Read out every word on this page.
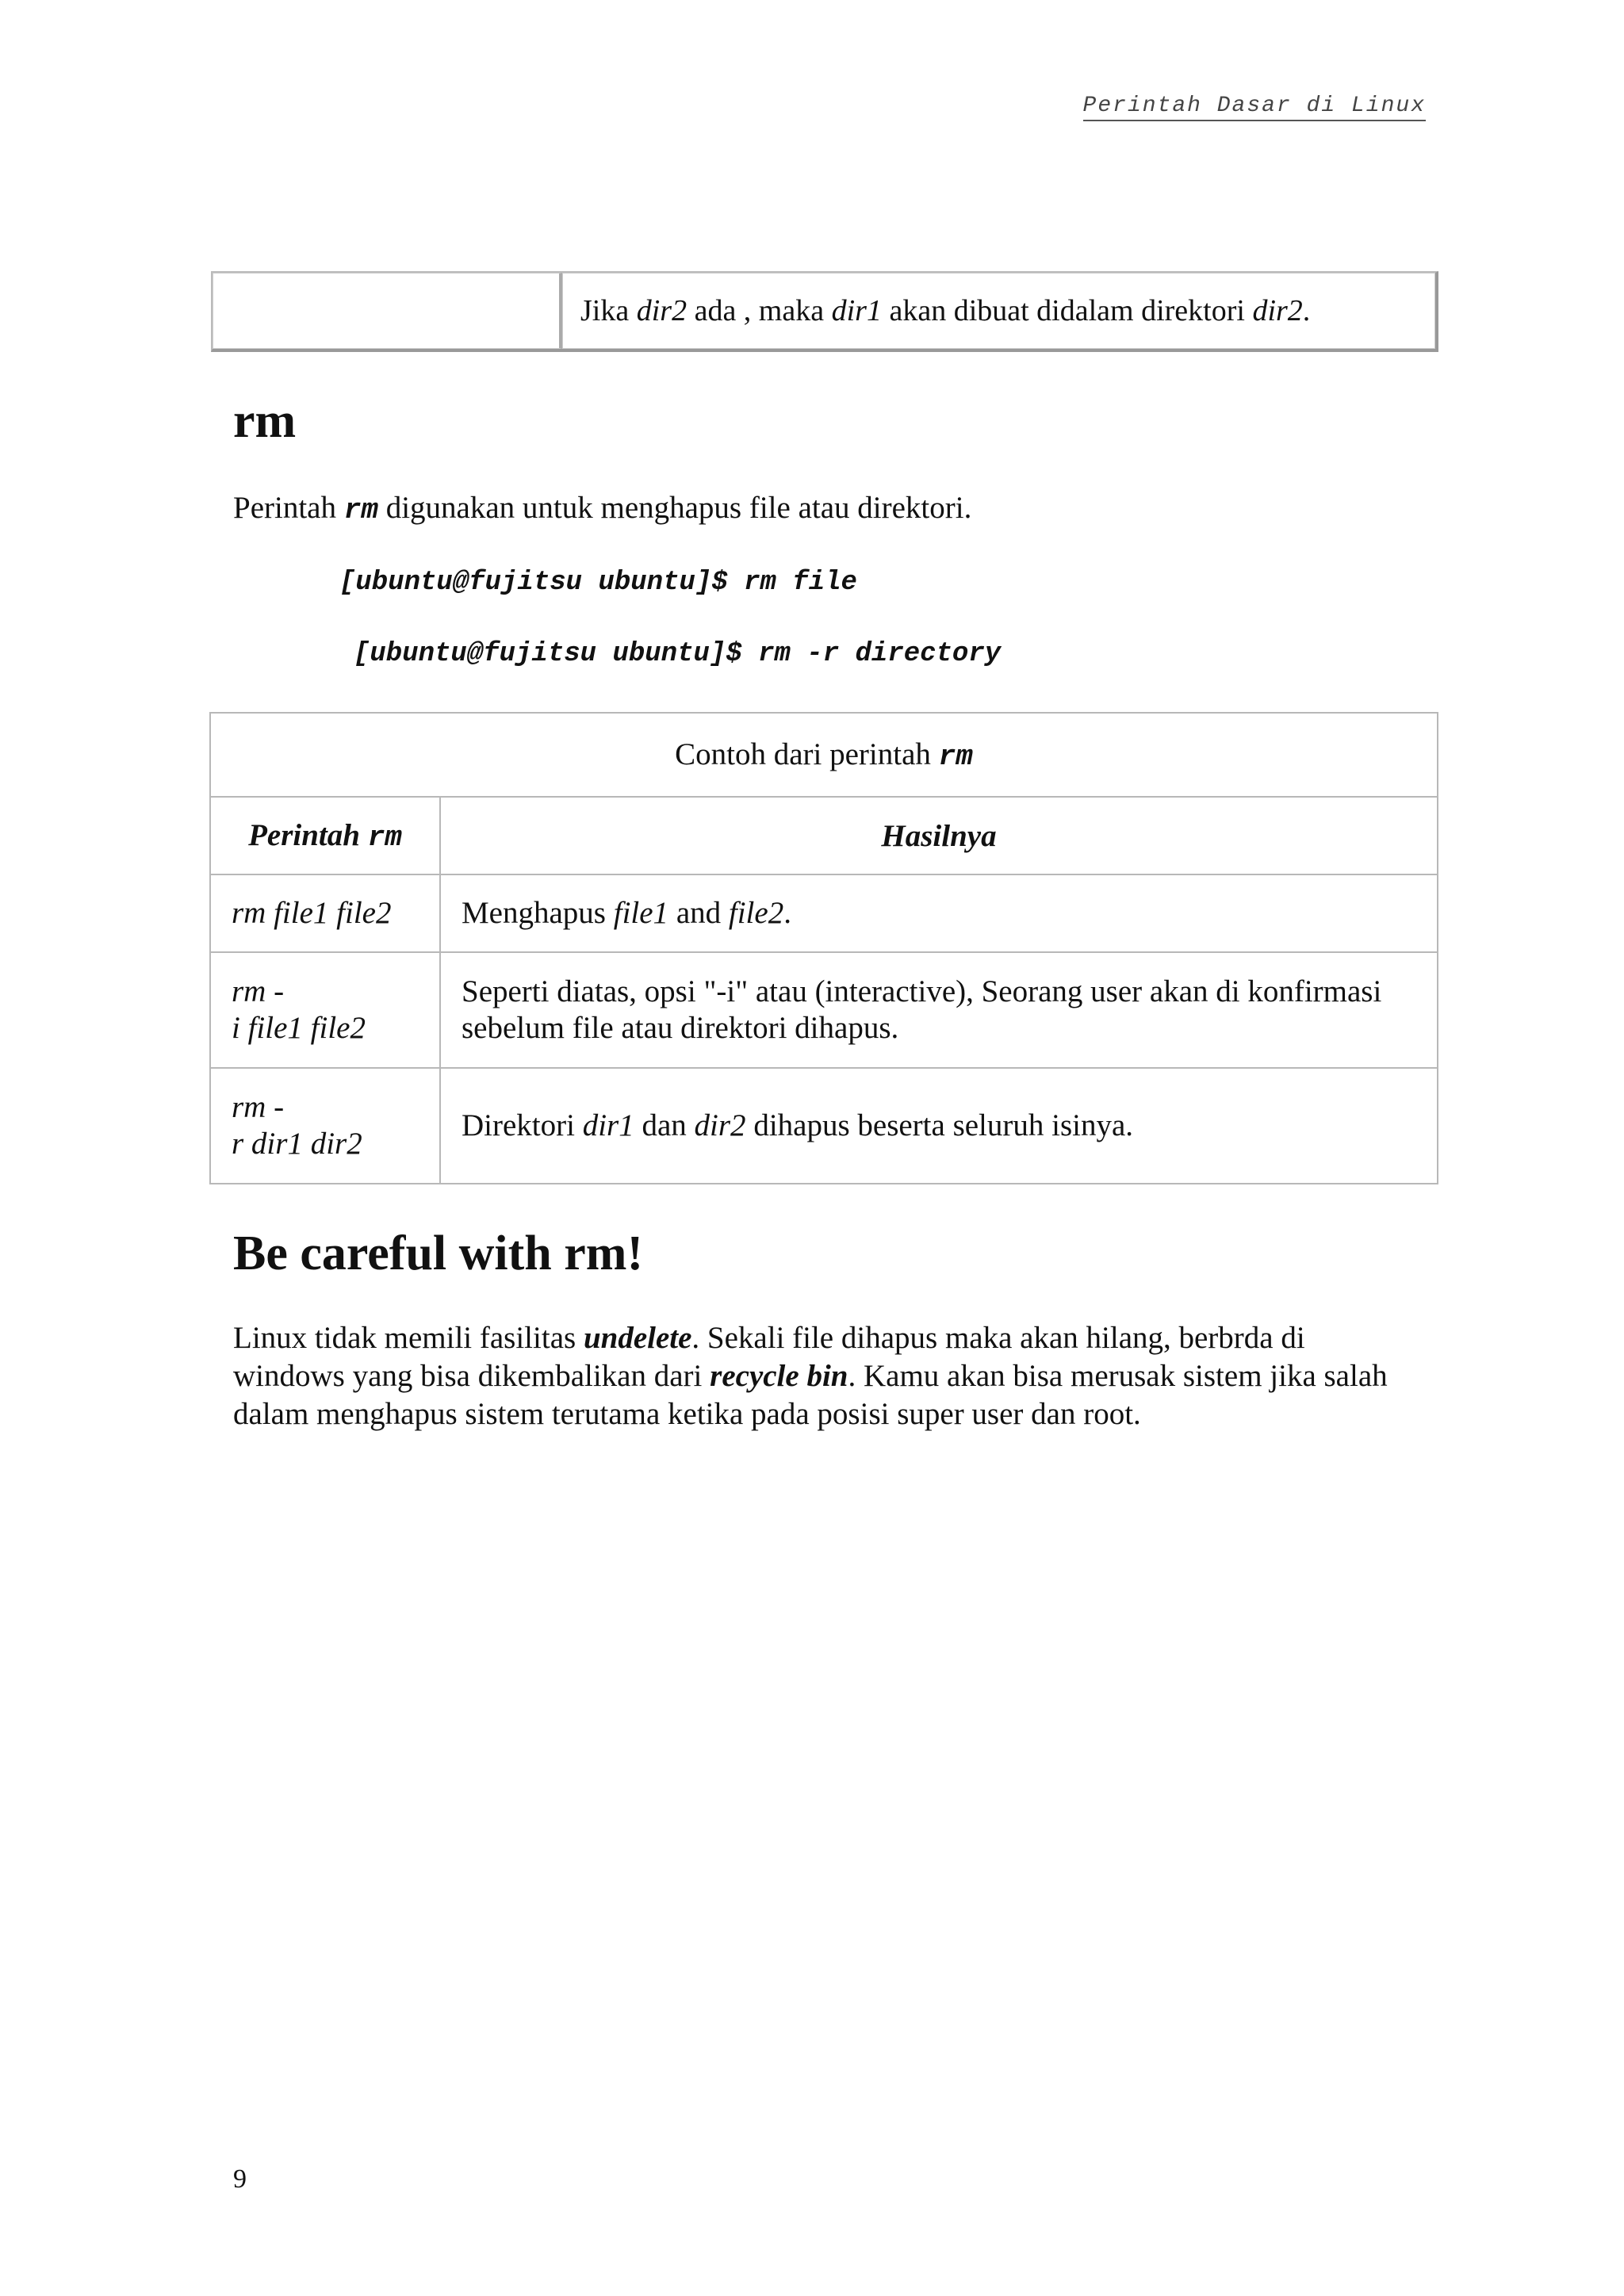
Perintah Dasar di Linux
	Jika dir2 ada , maka dir1 akan dibuat didalam direktori dir2.
rm

Perintah rm digunakan untuk menghapus file atau direktori.

[ubuntu@fujitsu ubuntu]$ rm file

[ubuntu@fujitsu ubuntu]$ rm -r directory

Contoh dari perintah rm	
Perintah rm	Hasilnya
rm file1 file2	Menghapus file1 and file2.
rm -
i file1 file2	Seperti diatas, opsi "-i" atau (interactive), Seorang user akan di konfirmasi sebelum file atau direktori dihapus.
rm -
r dir1 dir2	Direktori dir1 dan dir2 dihapus beserta seluruh isinya.
Be careful with rm!

Linux tidak memili fasilitas undelete. Sekali file dihapus maka akan hilang, berbrda di windows yang bisa dikembalikan dari recycle bin. Kamu akan bisa merusak sistem jika salah dalam menghapus sistem terutama ketika pada posisi super user dan root.

9
